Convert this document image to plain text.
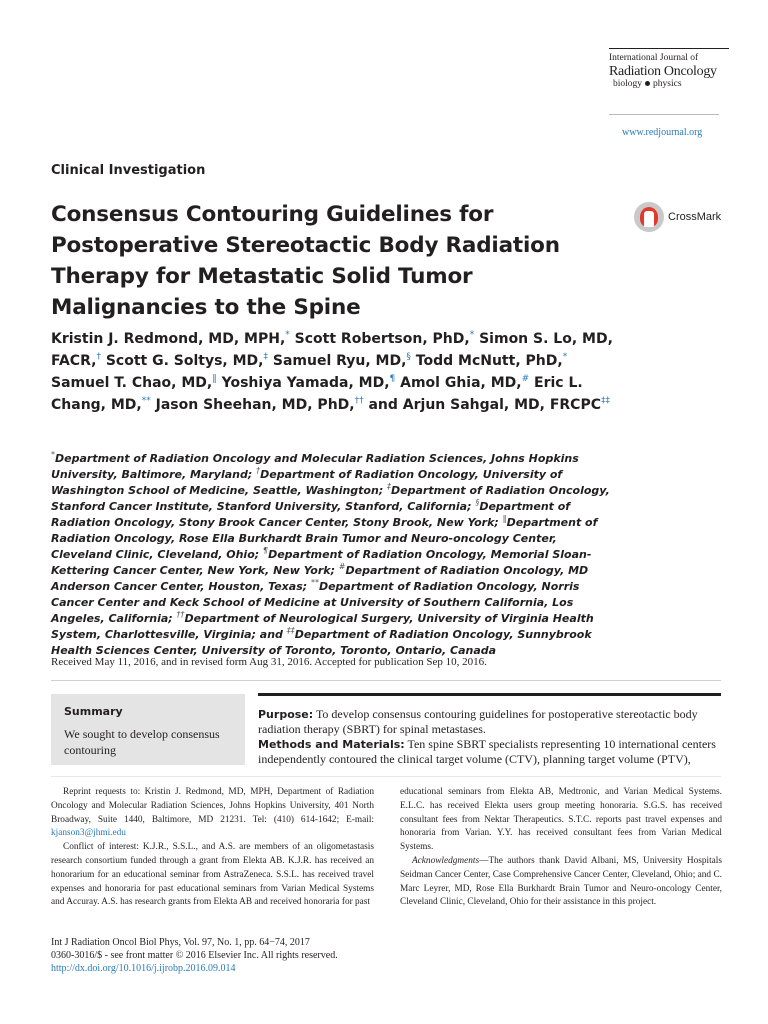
International Journal of
Radiation Oncology
biology physics
www.redjournal.org
Clinical Investigation
Consensus Contouring Guidelines for Postoperative Stereotactic Body Radiation Therapy for Metastatic Solid Tumor Malignancies to the Spine
CrossMark
Kristin J. Redmond, MD, MPH,* Scott Robertson, PhD,* Simon S. Lo, MD, FACR,† Scott G. Soltys, MD,‡ Samuel Ryu, MD,§ Todd McNutt, PhD,* Samuel T. Chao, MD,‖ Yoshiya Yamada, MD,¶ Amol Ghia, MD,# Eric L. Chang, MD,** Jason Sheehan, MD, PhD,†† and Arjun Sahgal, MD, FRCPC‡‡
*Department of Radiation Oncology and Molecular Radiation Sciences, Johns Hopkins University, Baltimore, Maryland; †Department of Radiation Oncology, University of Washington School of Medicine, Seattle, Washington; ‡Department of Radiation Oncology, Stanford Cancer Institute, Stanford University, Stanford, California; §Department of Radiation Oncology, Stony Brook Cancer Center, Stony Brook, New York; ‖Department of Radiation Oncology, Rose Ella Burkhardt Brain Tumor and Neuro-oncology Center, Cleveland Clinic, Cleveland, Ohio; ¶Department of Radiation Oncology, Memorial Sloan-Kettering Cancer Center, New York, New York; #Department of Radiation Oncology, MD Anderson Cancer Center, Houston, Texas; **Department of Radiation Oncology, Norris Cancer Center and Keck School of Medicine at University of Southern California, Los Angeles, California; ††Department of Neurological Surgery, University of Virginia Health System, Charlottesville, Virginia; and ‡‡Department of Radiation Oncology, Sunnybrook Health Sciences Center, University of Toronto, Toronto, Ontario, Canada
Received May 11, 2016, and in revised form Aug 31, 2016. Accepted for publication Sep 10, 2016.
Summary
We sought to develop consensus contouring
Purpose: To develop consensus contouring guidelines for postoperative stereotactic body radiation therapy (SBRT) for spinal metastases.
Methods and Materials: Ten spine SBRT specialists representing 10 international centers independently contoured the clinical target volume (CTV), planning target volume (PTV),

Reprint requests to: Kristin J. Redmond, MD, MPH, Department of Radiation Oncology and Molecular Radiation Sciences, Johns Hopkins University, 401 North Broadway, Suite 1440, Baltimore, MD 21231. Tel: (410) 614-1642; E-mail: kjanson3@jhmi.edu

Conflict of interest: K.J.R., S.S.L., and A.S. are members of an oligometastasis research consortium funded through a grant from Elekta AB. K.J.R. has received an honorarium for an educational seminar from AstraZeneca. S.S.L. has received travel expenses and honoraria for past educational seminars from Varian Medical Systems and Accuray. A.S. has research grants from Elekta AB and received honoraria for past

educational seminars from Elekta AB, Medtronic, and Varian Medical Systems. E.L.C. has received Elekta users group meeting honoraria. S.G.S. has received consultant fees from Nektar Therapeutics. S.T.C. reports past travel expenses and honoraria from Varian. Y.Y. has received consultant fees from Varian Medical Systems.

Acknowledgments—The authors thank David Albani, MS, University Hospitals Seidman Cancer Center, Case Comprehensive Cancer Center, Cleveland, Ohio; and C. Marc Leyrer, MD, Rose Ella Burkhardt Brain Tumor and Neuro-oncology Center, Cleveland Clinic, Cleveland, Ohio for their assistance in this project.

Int J Radiation Oncol Biol Phys, Vol. 97, No. 1, pp. 64−74, 2017
0360-3016/$ - see front matter © 2016 Elsevier Inc. All rights reserved.
http://dx.doi.org/10.1016/j.ijrobp.2016.09.014
